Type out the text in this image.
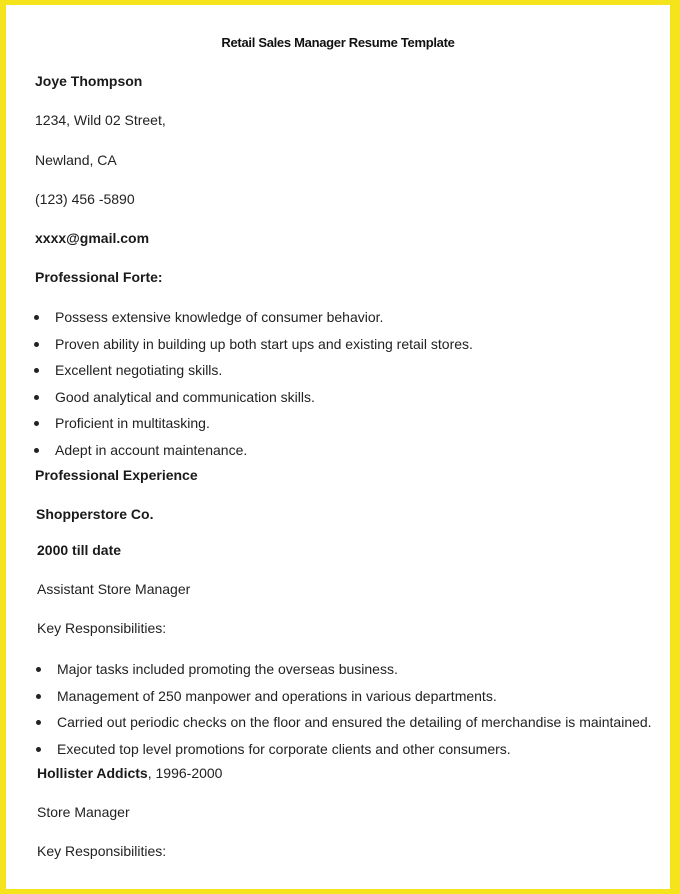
Retail Sales Manager Resume Template
Joye Thompson
1234, Wild 02 Street,
Newland, CA
(123) 456 -5890
xxxx@gmail.com
Professional Forte:
Possess extensive knowledge of consumer behavior.
Proven ability in building up both start ups and existing retail stores.
Excellent negotiating skills.
Good analytical and communication skills.
Proficient in multitasking.
Adept in account maintenance.
Professional Experience
Shopperstore Co.
2000 till date
Assistant Store Manager
Key Responsibilities:
Major tasks included promoting the overseas business.
Management of 250 manpower and operations in various departments.
Carried out periodic checks on the floor and ensured the detailing of merchandise is maintained.
Executed top level promotions for corporate clients and other consumers.
Hollister Addicts, 1996-2000
Store Manager
Key Responsibilities:
